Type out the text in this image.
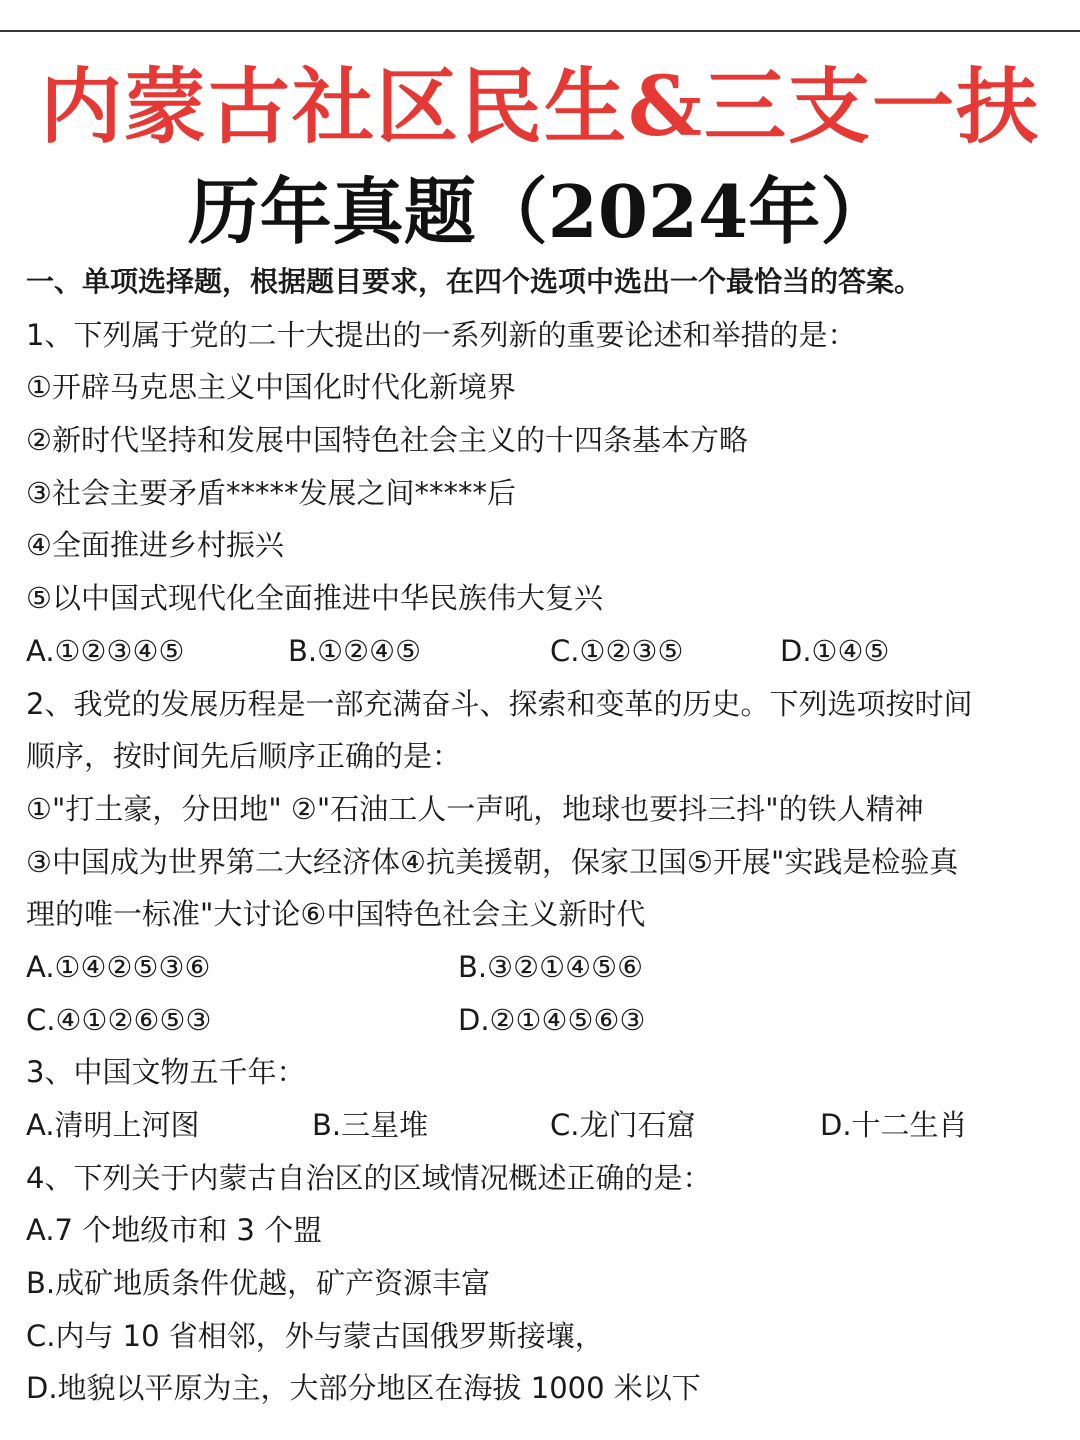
内蒙古社区民生&三支一扶
历年真题（2024年）
一、单项选择题，根据题目要求，在四个选项中选出一个最恰当的答案。
1、下列属于党的二十大提出的一系列新的重要论述和举措的是：
①开辟马克思主义中国化时代化新境界
②新时代坚持和发展中国特色社会主义的十四条基本方略
③社会主要矛盾*****发展之间*****后
④全面推进乡村振兴
⑤以中国式现代化全面推进中华民族伟大复兴
A.①②③④⑤	B.①②④⑤	C.①②③⑤	D.①④⑤
2、我党的发展历程是一部充满奋斗、探索和变革的历史。下列选项按时间
顺序，按时间先后顺序正确的是：
①"打土豪，分田地" ②"石油工人一声吼，地球也要抖三抖"的铁人精神
③中国成为世界第二大经济体④抗美援朝，保家卫国⑤开展"实践是检验真
理的唯一标准"大讨论⑥中国特色社会主义新时代
A.①④②⑤③⑥	B.③②①④⑤⑥
C.④①②⑥⑤③	D.②①④⑤⑥③
3、中国文物五千年：
A.清明上河图	B.三星堆	C.龙门石窟	D.十二生肖
4、下列关于内蒙古自治区的区域情况概述正确的是：
A.7 个地级市和 3 个盟
B.成矿地质条件优越，矿产资源丰富
C.内与 10 省相邻，外与蒙古国俄罗斯接壤，
D.地貌以平原为主，大部分地区在海拔 1000 米以下
